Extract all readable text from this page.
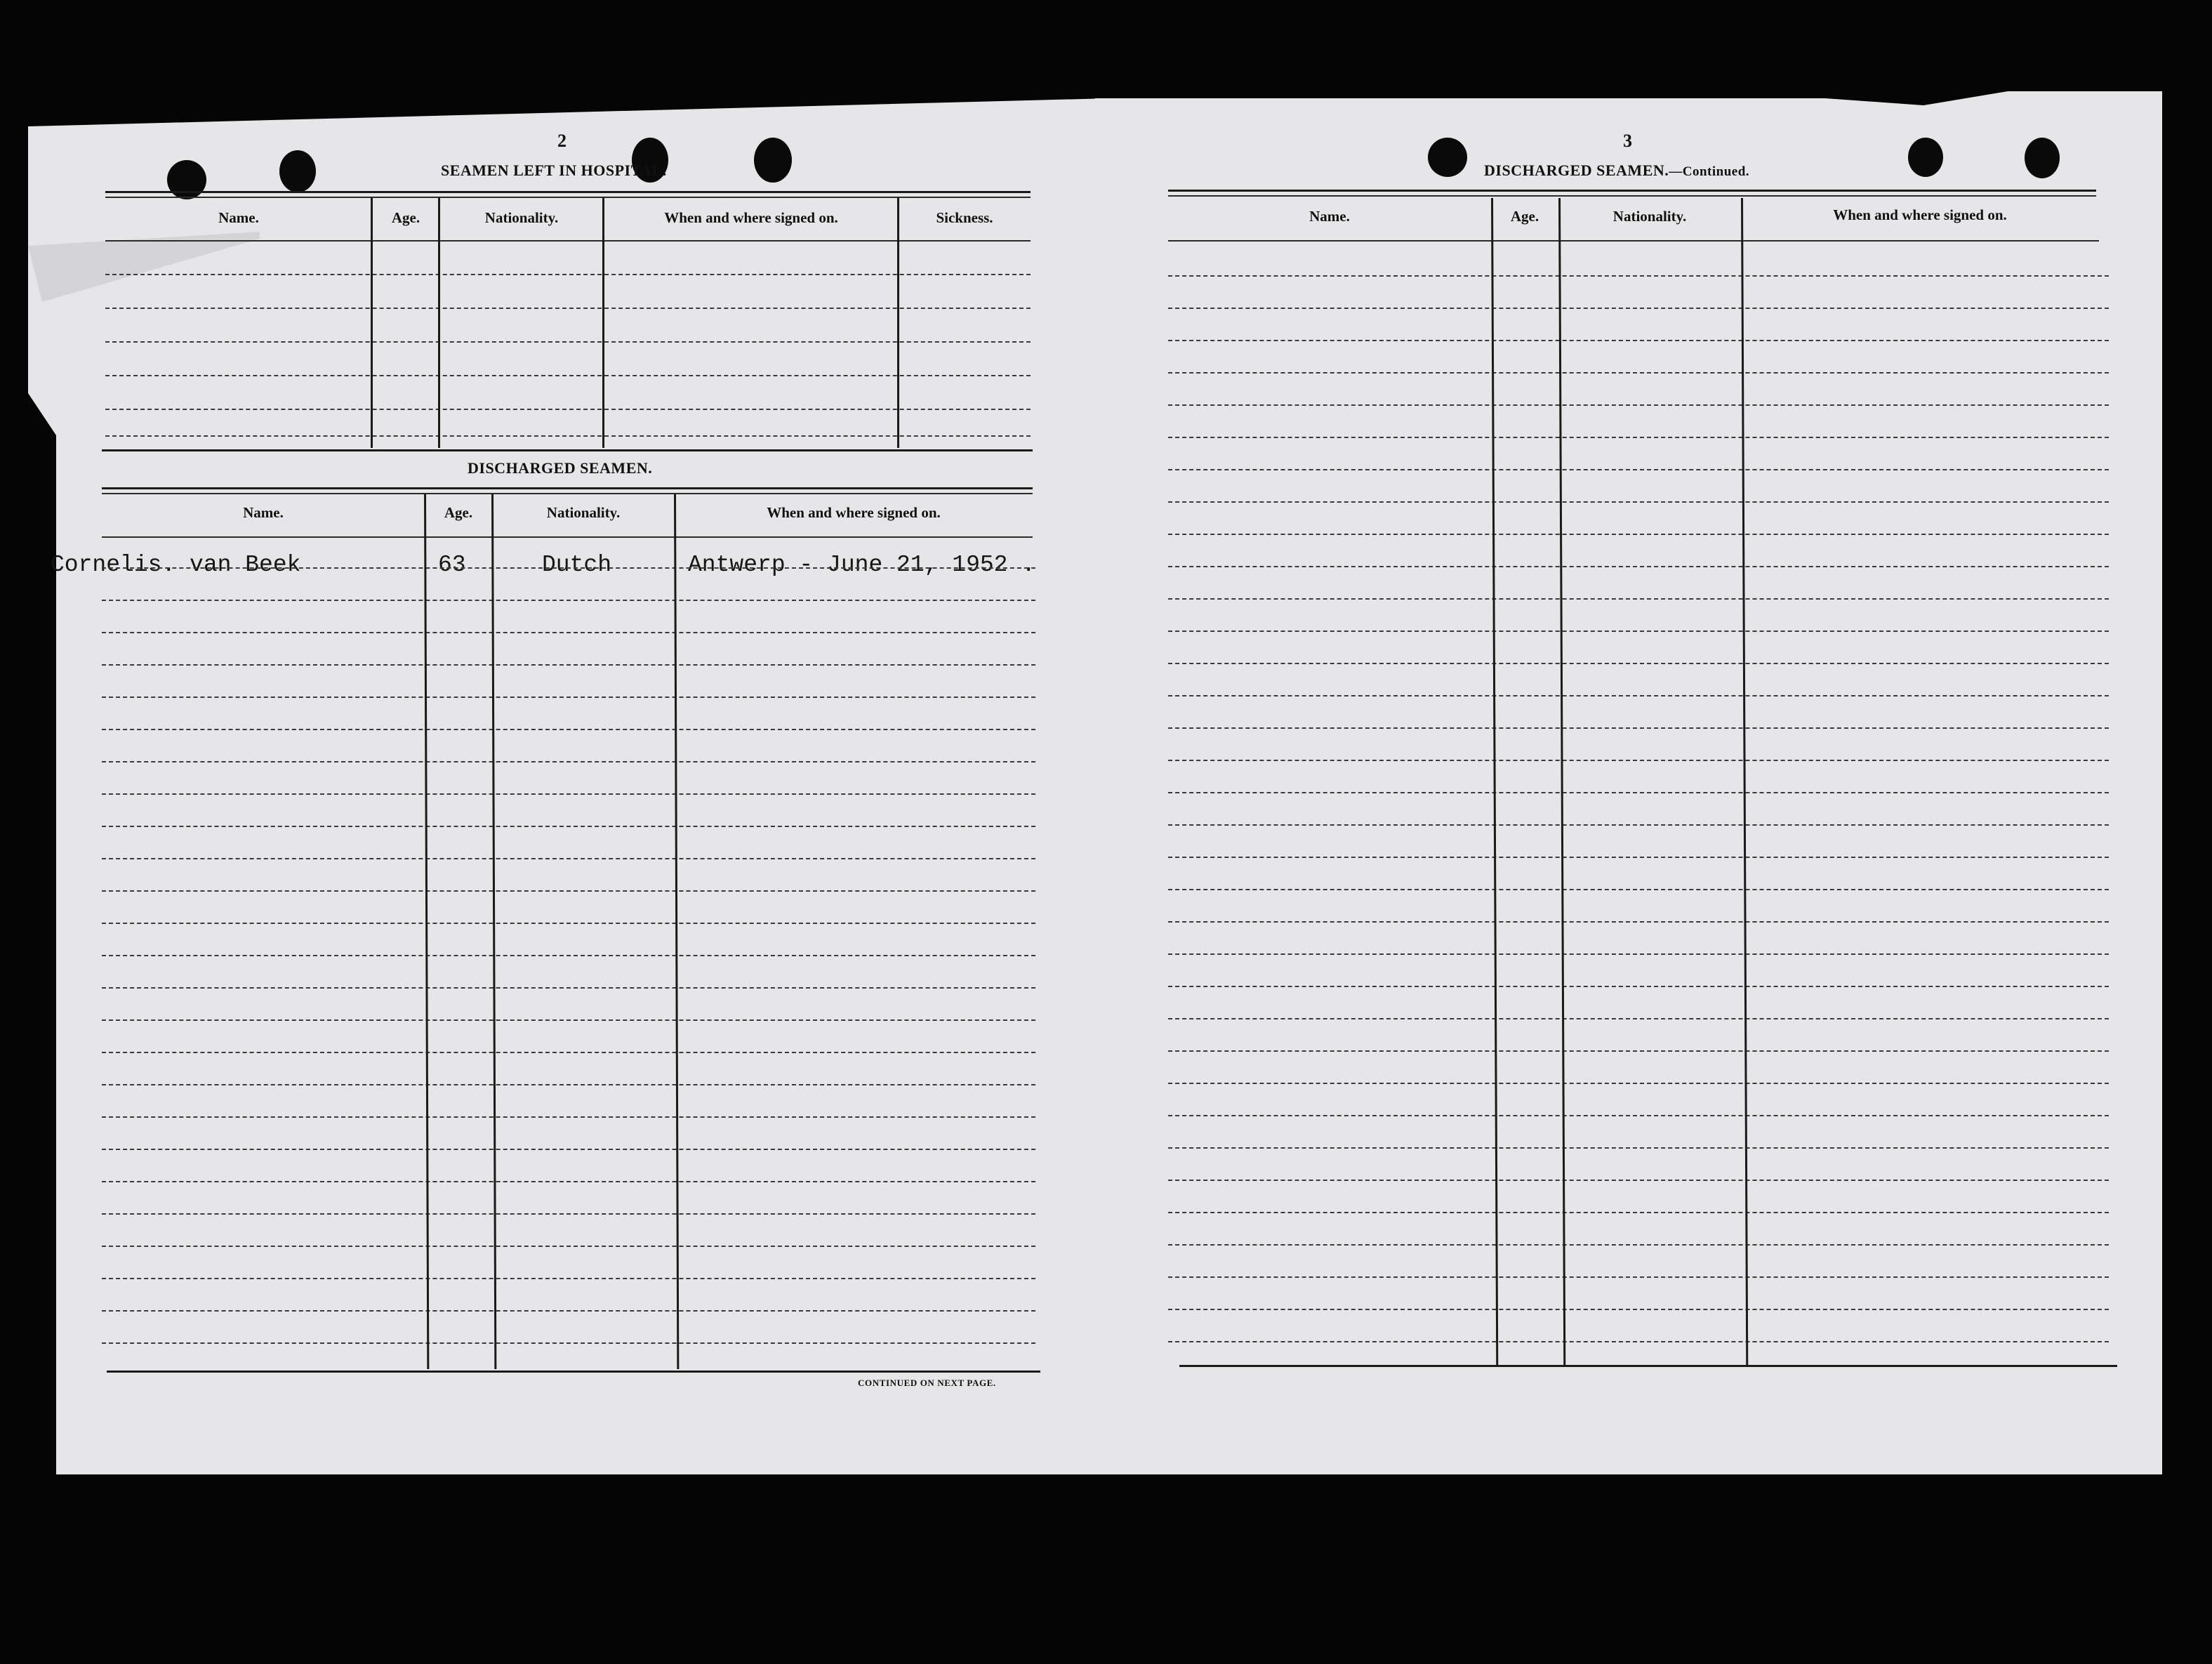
2
SEAMEN LEFT IN HOSPITAL.
Name.	Age.	Nationality.	When and where signed on.	Sickness.
DISCHARGED SEAMEN.
Name.	Age.	Nationality.	When and where signed on.
Cornelis. van Beek	63	Dutch	Antwerp - June 21, 1952 .
CONTINUED ON NEXT PAGE.
3
DISCHARGED SEAMEN.—Continued.
Name.	Age.	Nationality.	When and where signed on.
